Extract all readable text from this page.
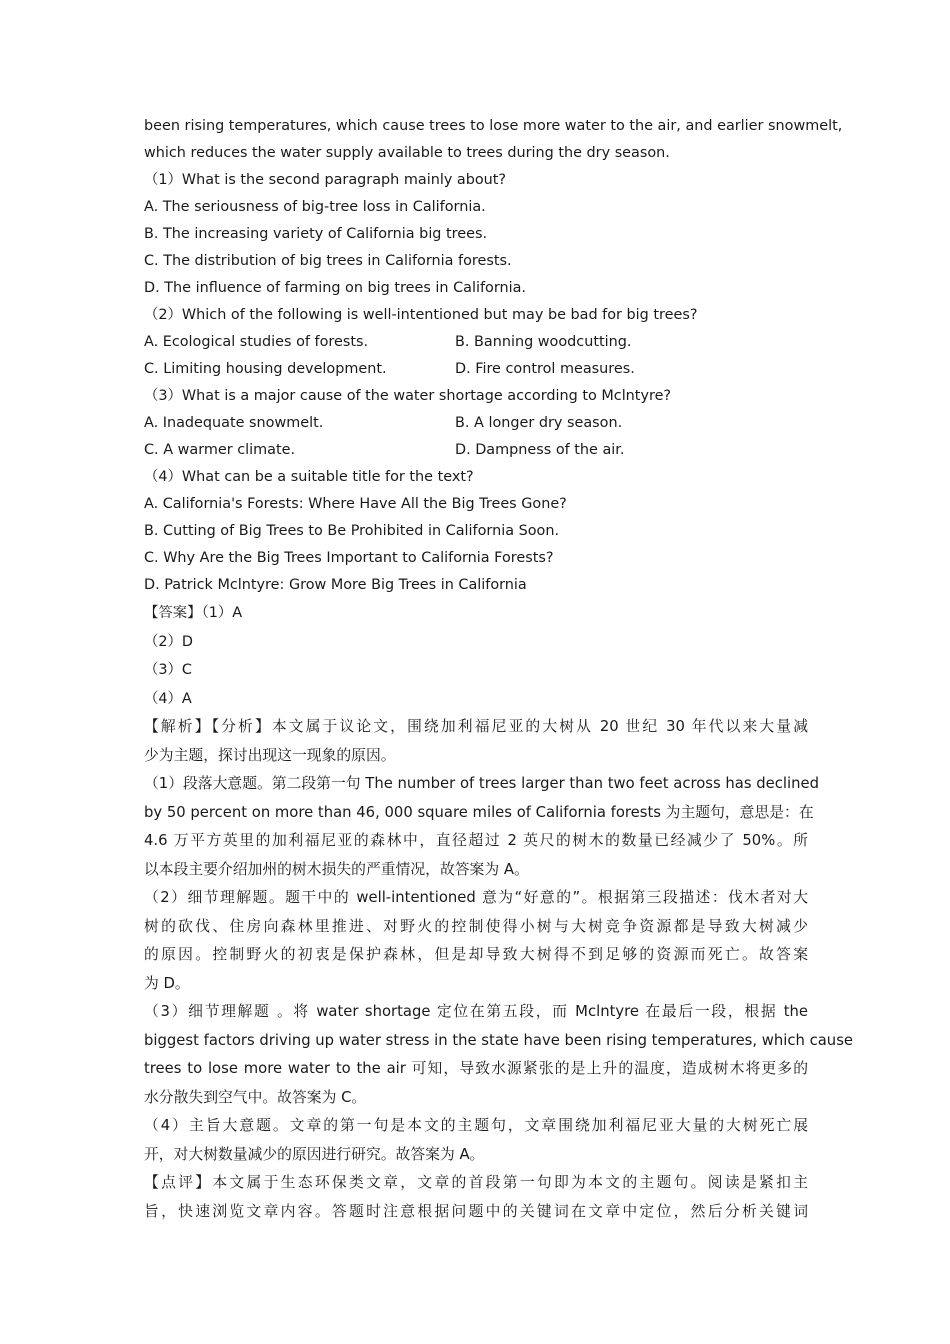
been rising temperatures, which cause trees to lose more water to the air, and earlier snowmelt,
which reduces the water supply available to trees during the dry season.
（1）What is the second paragraph mainly about?
A. The seriousness of big-tree loss in California.
B. The increasing variety of California big trees.
C. The distribution of big trees in California forests.
D. The influence of farming on big trees in California.
（2）Which of the following is well-intentioned but may be bad for big trees?
A. Ecological studies of forests.	B. Banning woodcutting.
C. Limiting housing development.	D. Fire control measures.
（3）What is a major cause of the water shortage according to Mclntyre?
A. Inadequate snowmelt.	B. A longer dry season.
C. A warmer climate.	D. Dampness of the air.
（4）What can be a suitable title for the text?
A. California's Forests: Where Have All the Big Trees Gone?
B. Cutting of Big Trees to Be Prohibited in California Soon.
C. Why Are the Big Trees Important to California Forests?
D. Patrick Mclntyre: Grow More Big Trees in California
【答案】（1）A
（2）D
（3）C
（4）A
【解析】【分析】本文属于议论文，围绕加利福尼亚的大树从 20 世纪 30 年代以来大量减
少为主题，探讨出现这一现象的原因。
（1）段落大意题。第二段第一句 The number of trees larger than two feet across has declined
by 50 percent on more than 46, 000 square miles of California forests 为主题句，意思是：在
4.6 万平方英里的加利福尼亚的森林中，直径超过 2 英尺的树木的数量已经减少了 50%。所
以本段主要介绍加州的树木损失的严重情况，故答案为 A。
（2）细节理解题。题干中的 well-intentioned 意为“好意的”。根据第三段描述：伐木者对大
树的砍伐、住房向森林里推进、对野火的控制使得小树与大树竞争资源都是导致大树减少
的原因。控制野火的初衷是保护森林，但是却导致大树得不到足够的资源而死亡。故答案
为 D。
（3）细节理解题 。将 water shortage 定位在第五段，而 Mclntyre 在最后一段，根据 the
biggest factors driving up water stress in the state have been rising temperatures, which cause
trees to lose more water to the air 可知，导致水源紧张的是上升的温度，造成树木将更多的
水分散失到空气中。故答案为 C。
（4）主旨大意题。文章的第一句是本文的主题句，文章围绕加利福尼亚大量的大树死亡展
开，对大树数量减少的原因进行研究。故答案为 A。
【点评】本文属于生态环保类文章，文章的首段第一句即为本文的主题句。阅读是紧扣主
旨，快速浏览文章内容。答题时注意根据问题中的关键词在文章中定位，然后分析关键词
